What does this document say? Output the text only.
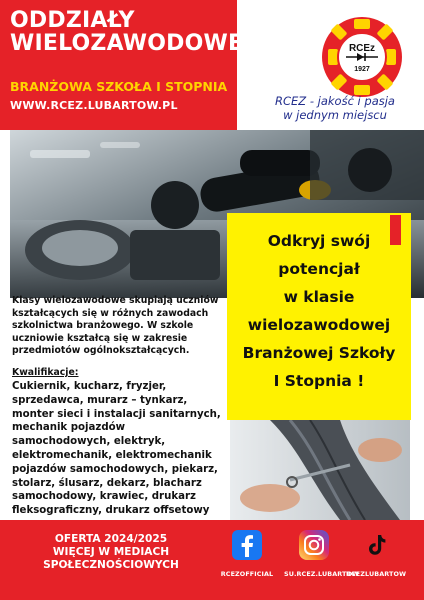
ODDZIAŁY
WIELOZAWODOWE
BRANŻOWA SZKOŁA I STOPNIA
WWW.RCEZ.LUBARTOW.PL
RCEz
1927
RCEZ - jakość i pasja
w jednym miejscu
Odkryj swój
potencjał
w klasie
wielozawodowej
Branżowej Szkoły
I Stopnia !
Klasy wielozawodowe skupiają uczniów
kształcących się w różnych zawodach
szkolnictwa branżowego. W szkole
uczniowie kształcą się w zakresie
przedmiotów ogólnokształcących.
Kwalifikacje:
Cukiernik, kucharz, fryzjer,
sprzedawca, murarz – tynkarz,
monter sieci i instalacji sanitarnych,
mechanik pojazdów
samochodowych, elektryk,
elektromechanik, elektromechanik
pojazdów samochodowych, piekarz,
stolarz, ślusarz, dekarz, blacharz
samochodowy, krawiec, drukarz
fleksograficzny, drukarz offsetowy
OFERTA 2024/2025
WIĘCEJ W MEDIACH
SPOŁECZNOŚCIOWYCH
RCEZOFFICIAL	SU.RCEZ.LUBARTOW
RCEZLUBARTOW
